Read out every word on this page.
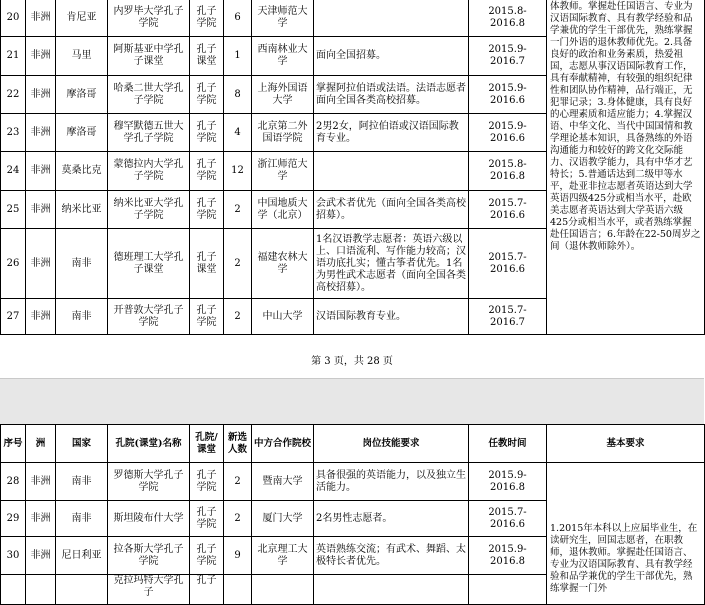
20	非洲	肯尼亚	内罗毕大学孔子学院	孔子学院	6	天津师范大学		2015.8-2016.8	体教师。掌握赴任国语言、专业为汉语国际教育、具有教学经验和品学兼优的学生干部优先，熟练掌握一门外语的退休教师优先。2.具备良好的政治和业务素质，热爱祖国，志愿从事汉语国际教育工作，具有奉献精神，有较强的组织纪律性和团队协作精神，品行端正，无犯罪记录；3.身体健康，具有良好的心理素质和适应能力；4.掌握汉语、中华文化、当代中国国情和教学理论基本知识，具备熟练的外语沟通能力和较好的跨文化交际能力、汉语教学能力，具有中华才艺特长；5.普通话达到二级甲等水平，赴亚非拉志愿者英语达到大学英语四级425分或相当水平，赴欧美志愿者英语达到大学英语六级425分或相当水平，或者熟练掌握赴任国语言；6.年龄在22-50周岁之间（退休教师除外）。
21	非洲	马里	阿斯基亚中学孔子课堂	孔子课堂	1	西南林业大学	面向全国招募。	2015.9-2016.7	
22	非洲	摩洛哥	哈桑二世大学孔子学院	孔子学院	8	上海外国语大学	掌握阿拉伯语或法语。法语志愿者面向全国各类高校招募。	2015.9-2016.6	
23	非洲	摩洛哥	穆罕默德五世大学孔子学院	孔子学院	4	北京第二外国语学院	2男2女，阿拉伯语或汉语国际教育专业。	2015.9-2016.6	
24	非洲	莫桑比克	蒙德拉内大学孔子学院	孔子学院	12	浙江师范大学		2015.8-2016.8	
25	非洲	纳米比亚	纳米比亚大学孔子学院	孔子学院	2	中国地质大学（北京）	会武术者优先（面向全国各类高校招募）。	2015.7-2016.6	
26	非洲	南非	德班理工大学孔子课堂	孔子课堂	2	福建农林大学	1名汉语教学志愿者：英语六级以上、口语流利、写作能力较高；汉语功底扎实；懂古筝者优先。1名为男性武术志愿者（面向全国各类高校招募）。	2015.7-2016.6	
27	非洲	南非	开普敦大学孔子学院	孔子学院	2	中山大学	汉语国际教育专业。	2015.7-2016.7	
第 3 页，共 28 页
序号	洲	国家	孔院(课堂)名称	孔院/课堂	新选人数	中方合作院校	岗位技能要求	任教时间	基本要求
28	非洲	南非	罗德斯大学孔子学院	孔子学院	2	暨南大学	具备很强的英语能力，以及独立生活能力。	2015.9-2016.8	1.2015年本科以上应届毕业生，在读研究生，回国志愿者，在职教师，退休教师。掌握赴任国语言、专业为汉语国际教育、具有教学经验和品学兼优的学生干部优先，熟练掌握一门外
29	非洲	南非	斯坦陵布什大学	孔子学院	2	厦门大学	2名男性志愿者。	2015.7-2016.6	
30	非洲	尼日利亚	拉各斯大学孔子学院	孔子学院	9	北京理工大学	英语熟练交流；有武术、舞蹈、太极特长者优先。	2015.9-2016.8	
			克拉玛特大学孔子	孔子					
